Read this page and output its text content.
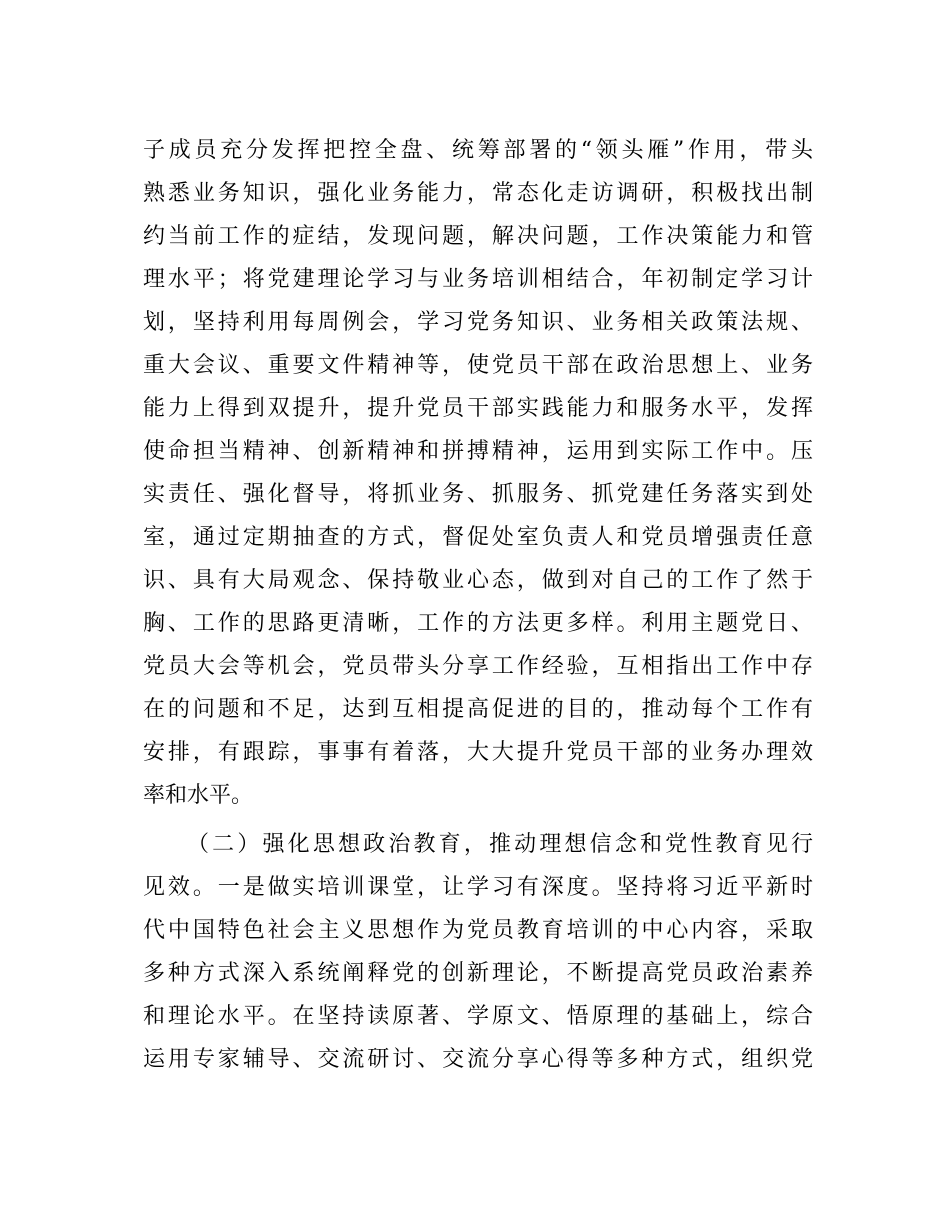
子成员充分发挥把控全盘、统筹部署的“领头雁”作用，带头
熟悉业务知识，强化业务能力，常态化走访调研，积极找出制
约当前工作的症结，发现问题，解决问题，工作决策能力和管
理水平；将党建理论学习与业务培训相结合，年初制定学习计
划，坚持利用每周例会，学习党务知识、业务相关政策法规、
重大会议、重要文件精神等，使党员干部在政治思想上、业务
能力上得到双提升，提升党员干部实践能力和服务水平，发挥
使命担当精神、创新精神和拼搏精神，运用到实际工作中。压
实责任、强化督导，将抓业务、抓服务、抓党建任务落实到处
室，通过定期抽查的方式，督促处室负责人和党员增强责任意
识、具有大局观念、保持敬业心态，做到对自己的工作了然于
胸、工作的思路更清晰，工作的方法更多样。利用主题党日、
党员大会等机会，党员带头分享工作经验，互相指出工作中存
在的问题和不足，达到互相提高促进的目的，推动每个工作有
安排，有跟踪，事事有着落，大大提升党员干部的业务办理效
率和水平。
（二）强化思想政治教育，推动理想信念和党性教育见行
见效。一是做实培训课堂，让学习有深度。坚持将习近平新时
代中国特色社会主义思想作为党员教育培训的中心内容，采取
多种方式深入系统阐释党的创新理论，不断提高党员政治素养
和理论水平。在坚持读原著、学原文、悟原理的基础上，综合
运用专家辅导、交流研讨、交流分享心得等多种方式，组织党
